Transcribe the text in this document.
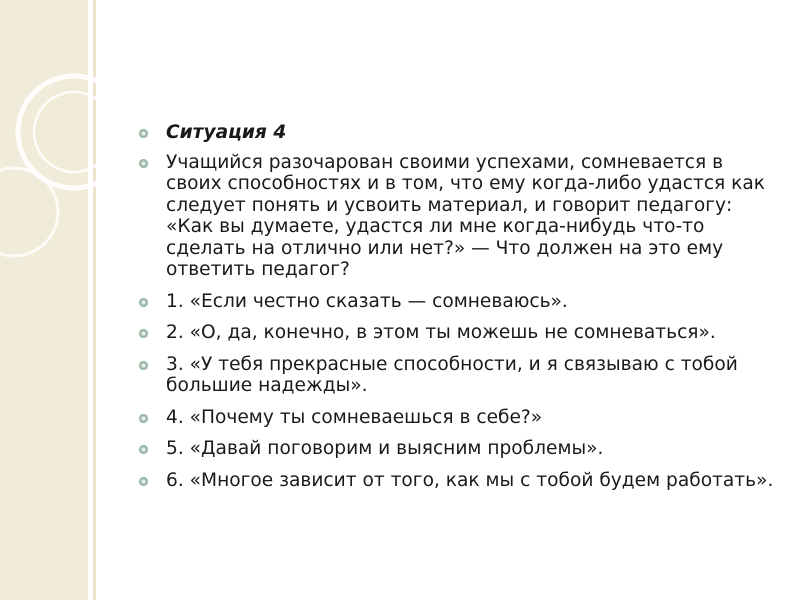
Ситуация 4
Учащийся разочарован своими успехами, сомневается в своих способностях и в том, что ему когда-либо удастся как следует понять и усвоить материал, и говорит педагогу: «Как вы думаете, удастся ли мне когда-нибудь что-то сделать на отлично или нет?» — Что должен на это ему ответить педагог?
1. «Если честно сказать — сомневаюсь».
2. «О, да, конечно, в этом ты можешь не сомневаться».
3. «У тебя прекрасные способности, и я связываю с тобой большие надежды».
4. «Почему ты сомневаешься в себе?»
5. «Давай поговорим и выясним проблемы».
6. «Многое зависит от того, как мы с тобой будем работать».
